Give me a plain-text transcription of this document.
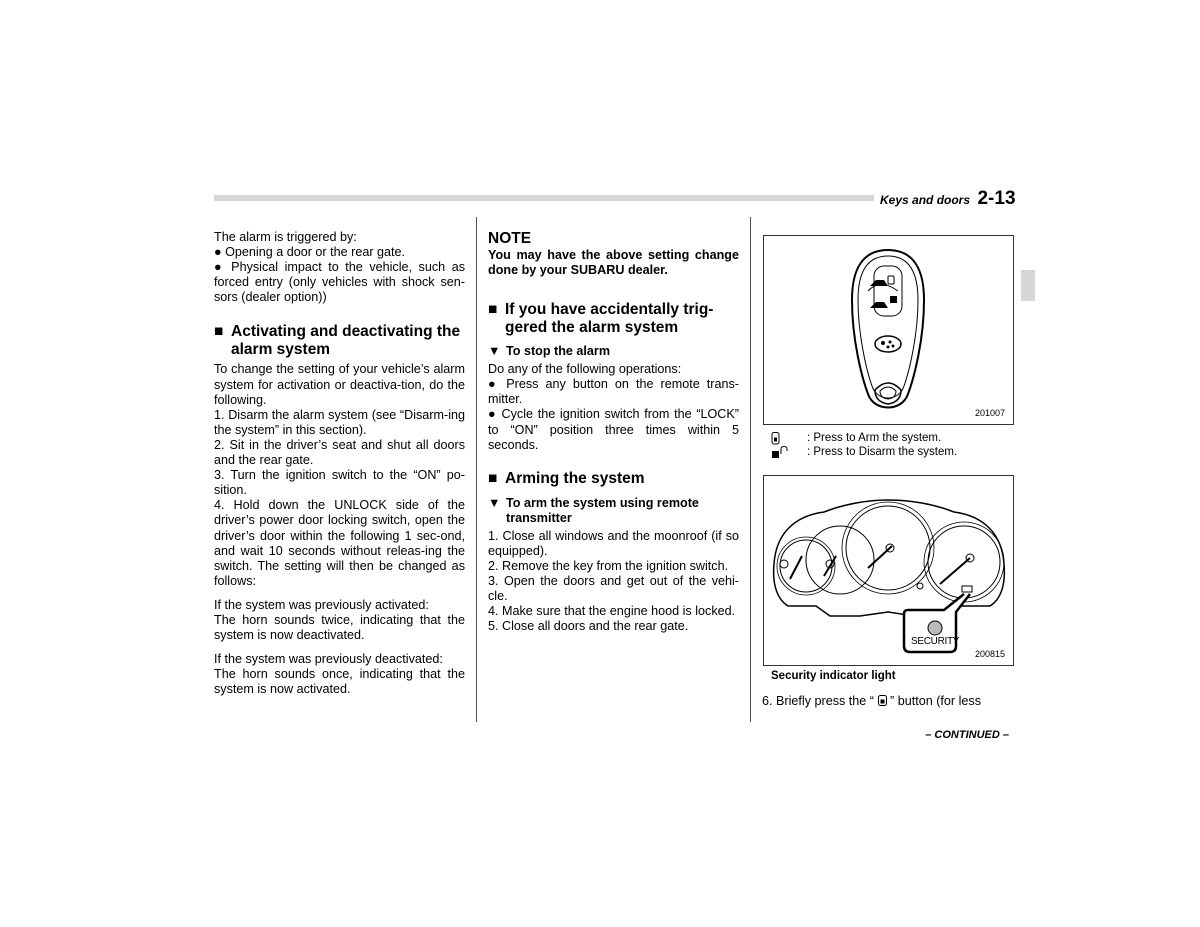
Keys and doors 2-13

The alarm is triggered by:

● Opening a door or the rear gate.

● Physical impact to the vehicle, such as forced entry (only vehicles with shock sen-sors (dealer option))

■ Activating and deactivating the alarm system

To change the setting of your vehicle’s alarm system for activation or deactiva-tion, do the following.

1. Disarm the alarm system (see “Disarm-ing the system” in this section).

2. Sit in the driver’s seat and shut all doors and the rear gate.

3. Turn the ignition switch to the “ON” po-sition.

4. Hold down the UNLOCK side of the driver’s power door locking switch, open the driver’s door within the following 1 sec-ond, and wait 10 seconds without releas-ing the switch. The setting will then be changed as follows:

If the system was previously activated:

The horn sounds twice, indicating that the system is now deactivated.

If the system was previously deactivated:

The horn sounds once, indicating that the system is now activated.

NOTE

You may have the above setting change done by your SUBARU dealer.

■ If you have accidentally trig-gered the alarm system
▼ To stop the alarm

Do any of the following operations:

● Press any button on the remote trans-mitter.

● Cycle the ignition switch from the “LOCK” to “ON” position three times within 5 seconds.

■ Arming the system
▼ To arm the system using remote transmitter

1. Close all windows and the moonroof (if so equipped).

2. Remove the key from the ignition switch.

3. Open the doors and get out of the vehi-cle.

4. Make sure that the engine hood is locked.

5. Close all doors and the rear gate.

201007
: Press to Arm the system.
: Press to Disarm the system.
SECURITY
200815
Security indicator light
6. Briefly press the “ ” button (for less
– CONTINUED –
